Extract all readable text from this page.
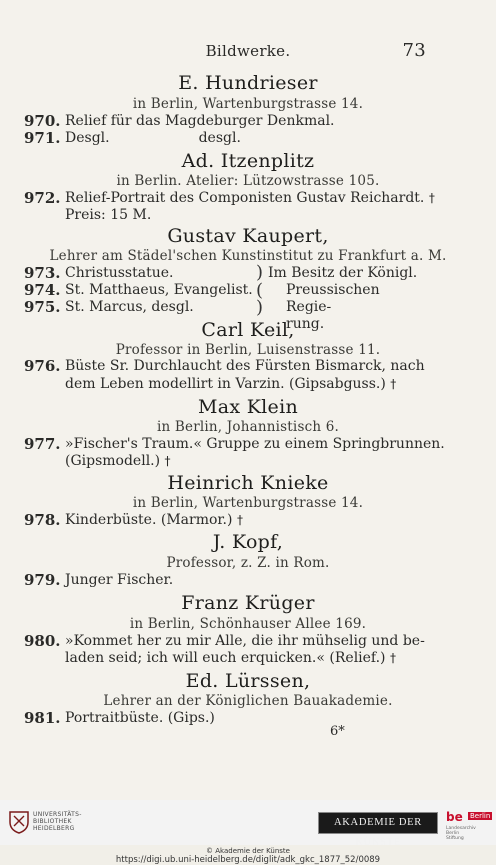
Bildwerke.	73
E. Hundrieser
in Berlin, Wartenburgstrasse 14.
970. Relief für das Magdeburger Denkmal.
971. Desgl.                    desgl.
Ad. Itzenplitz
in Berlin. Atelier: Lützowstrasse 105.
972. Relief-Portrait des Componisten Gustav Reichardt. †
Preis: 15 M.
Gustav Kaupert,
Lehrer am Städel'schen Kunstinstitut zu Frankfurt a. M.
973. Christusstatue.
974. St. Matthaeus, Evangelist.
975. St. Marcus, desgl.
)
(
)
Im Besitz der Königl.
Preussischen Regie-
rung.
Carl Keil,
Professor in Berlin, Luisenstrasse 11.
976. Büste Sr. Durchlaucht des Fürsten Bismarck, nach
dem Leben modellirt in Varzin. (Gipsabguss.) †
Max Klein
in Berlin, Johannistisch 6.
977. »Fischer's Traum.« Gruppe zu einem Springbrunnen.
(Gipsmodell.) †
Heinrich Knieke
in Berlin, Wartenburgstrasse 14.
978. Kinderbüste. (Marmor.) †
J. Kopf,
Professor, z. Z. in Rom.
979. Junger Fischer.
Franz Krüger
in Berlin, Schönhauser Allee 169.
980. »Kommet her zu mir Alle, die ihr mühselig und be-
laden seid; ich will euch erquicken.« (Relief.) †
Ed. Lürssen,
Lehrer an der Königlichen Bauakademie.
981. Portraitbüste. (Gips.)
6*
UNIVERSITÄTS-
BIBLIOTHEK
HEIDELBERG
AKADEMIE DER KÜNSTE
be Berlin
Landesarchiv
Berlin
Stiftung
© Akademie der Künste
https://digi.ub.uni-heidelberg.de/diglit/adk_gkc_1877_52/0089
